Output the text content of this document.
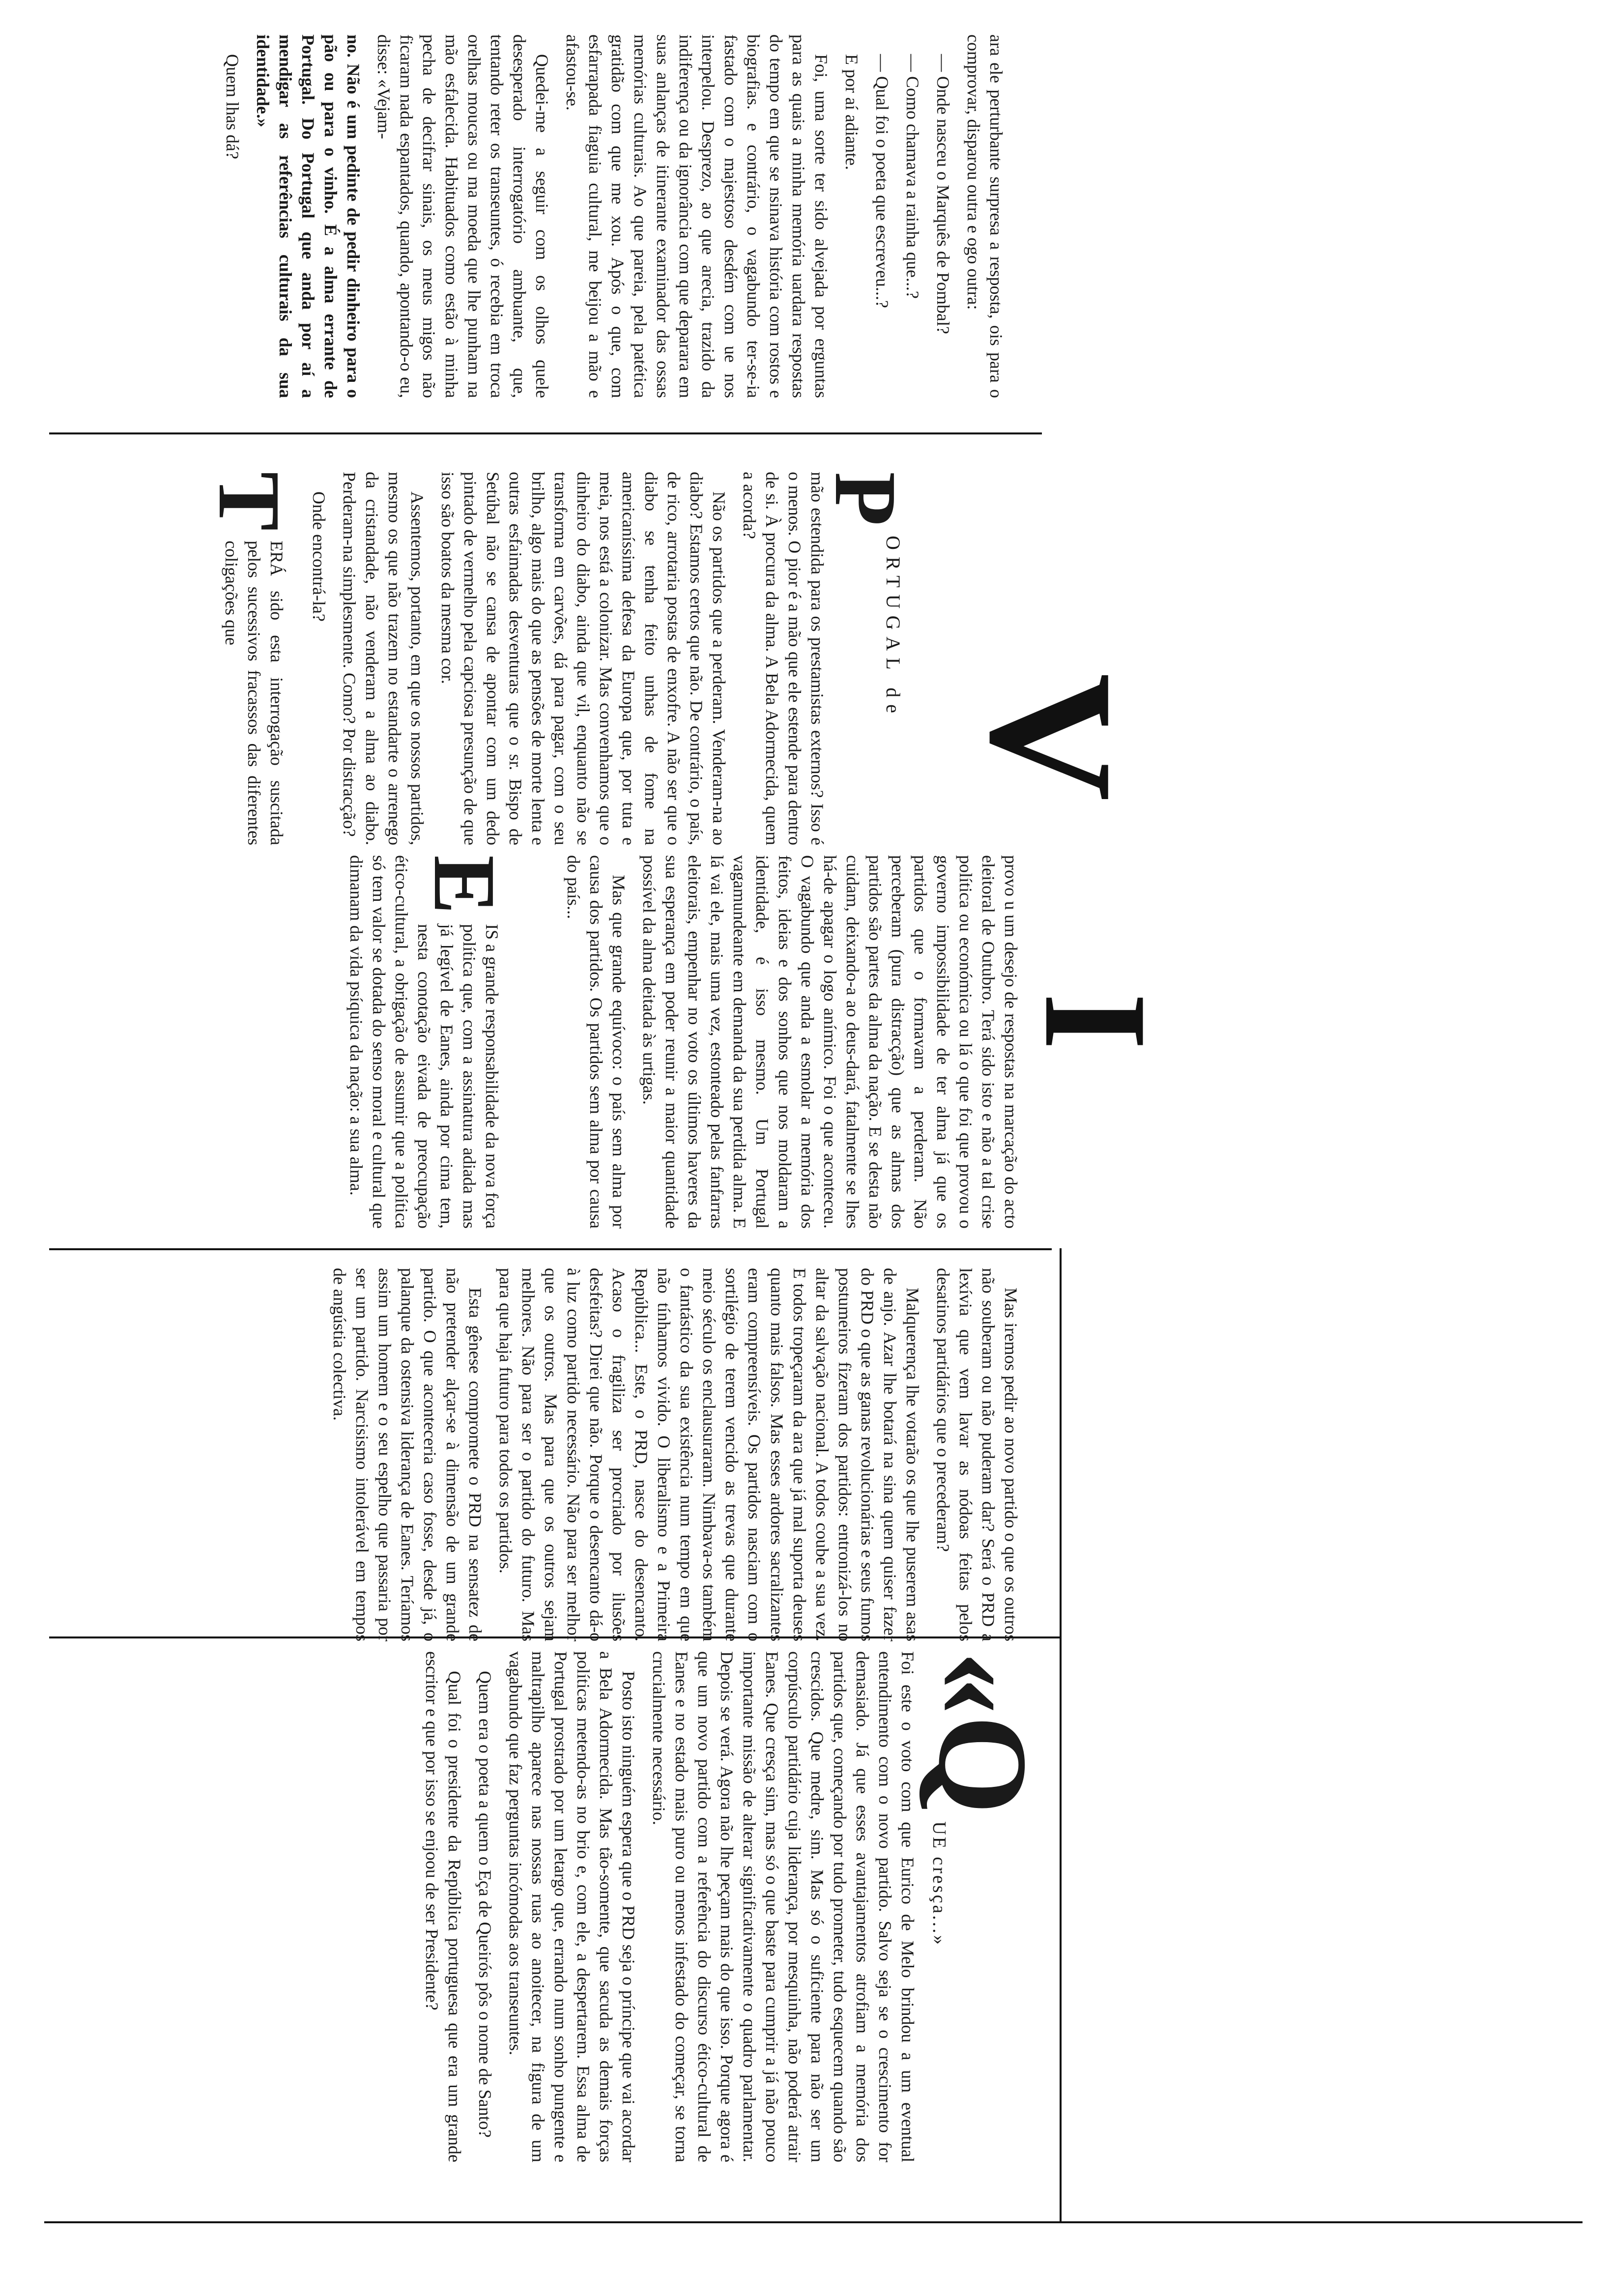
V
I

ara ele perturbante surpresa a resposta, ois para o comprovar, disparou outra e ogo outra:

— Onde nasceu o Marquês de Pombal?

— Como chamava a rainha que...?

— Qual foi o poeta que escreveu...?

E por aí adiante.

Foi, uma sorte ter sido alvejada por erguntas para as quais a minha memória uardara respostas do tempo em que se nsinava história com rostos e biografias. e contrário, o vagabundo ter-se-ia fastado com o majestoso desdém com ue nos interpelou. Desprezo, ao que arecia, trazido da indiferença ou da ignorância com que deparara em suas anlanças de itinerante examinador das ossas memórias culturais. Ao que pareia, pela patética gratidão com que me xou. Após o que, com esfarrapada fiaguia cultural, me beijou a mão e afastou-se.

Quedei-me a seguir com os olhos quele desesperado interrogatório ambuante, que, tentando reter os transeuntes, ó recebia em troca orelhas moucas ou ma moeda que lhe punham na mão esfalecida. Habituados como estão à minha pecha de decifrar sinais, os meus migos não ficaram nada espantados, quando, apontando-o eu, disse: «Vejam-

no. Não é um pedinte de pedir dinheiro para o pão ou para o vinho. É a alma errante de Portugal. Do Portugal que anda por aí a mendigar as referências culturais da sua identidade.»

Quem lhas dá?

P
ORTUGAL de

mão estendida para os prestamistas externos? Isso é o menos. O pior é a mão que ele estende para dentro de si. À procura da alma. A Bela Adormecida, quem a acorda?

Não os partidos que a perderam. Venderam-na ao diabo? Estamos certos que não. De contrário, o país, de rico, arrotaria postas de enxofre. A não ser que o diabo se tenha feito unhas de fome na americaníssima defesa da Europa que, por tuta e meia, nos está a colonizar. Mas convenhamos que o dinheiro do diabo, ainda que vil, enquanto não se transforma em carvões, dá para pagar, com o seu brilho, algo mais do que as pensões de morte lenta e outras esfaimadas desventuras que o sr. Bispo de Setúbal não se cansa de apontar com um dedo pintado de vermelho pela capciosa presunção de que isso são boatos da mesma cor.

Assentemos, portanto, em que os nossos partidos, mesmo os que não trazem no estandarte o arrenego da cristandade, não venderam a alma ao diabo. Perderam-na simplesmente. Como? Por distracção?

Onde encontrá-la?

T
ERÁ sido esta interrogação suscitada pelos sucessivos fracassos das diferentes coligações que

provo u um desejo de respostas na marcação do acto eleitoral de Outubro. Terá sido isto e não a tal crise política ou económica ou lá o que foi que provou o governo impossibilidade de ter alma já que os partidos que o formavam a perderam. Não perceberam (pura distracção) que as almas dos partidos são partes da alma da nação. E se desta não cuidam, deixando-a ao deus-dará, fatalmente se lhes há-de apagar o logo anímico. Foi o que aconteceu. O vagabundo que anda a esmolar a memória dos feitos, ideias e dos sonhos que nos moldaram a identidade, é isso mesmo. Um Portugal vagamundeante em demanda da sua perdida alma. E lá vai ele, mais uma vez, estonteado pelas fanfarras eleitorais, empenhar no voto os últimos haveres da sua esperança em poder reunir a maior quantidade possível da alma deitada às urtigas.

Mas que grande equívoco: o país sem alma por causa dos partidos. Os partidos sem alma por causa do país...

E
IS a grande responsabilidade da nova força política que, com a assinatura adiada mas já legível de Eanes, ainda por cima tem, nesta conotação eivada de preocupação ético-cultural, a obrigação de assumir que a política só tem valor se dotada do senso moral e cultural que dimanam da vida psíquica da nação: a sua alma.

Mas iremos pedir ao novo partido o que os outros não souberam ou não puderam dar? Será o PRD a lexívia que vem lavar as nódoas feitas pelos desatinos partidários que o precederam?

Malquerença lhe votarão os que lhe puserem asas de anjo. Azar lhe botará na sina quem quiser fazer do PRD o que as ganas revolucionárias e seus fumos postumeiros fizeram dos partidos: entronizá-los no altar da salvação nacional. A todos coube a sua vez. E todos tropeçaram da ara que já mal suporta deuses quanto mais falsos. Mas esses ardores sacralizantes eram compreensíveis. Os partidos nasciam com o sortilégio de terem vencido as trevas que durante meio século os enclausuraram. Nimbava-os também o fantástico da sua existência num tempo em que não tínhamos vivido. O liberalismo e a Primeira República... Este, o PRD, nasce do desencanto. Acaso o fragiliza ser procriado por ilusões desfeitas? Direi que não. Porque o desencanto dá-o à luz como partido necessário. Não para ser melhor que os outros. Mas para que os outros sejam melhores. Não para ser o partido do futuro. Mas para que haja futuro para todos os partidos.

Esta gênese compromete o PRD na sensatez de não pretender alçar-se à dimensão de um grande partido. O que aconteceria caso fosse, desde já, o palanque da ostensiva liderança de Eanes. Teríamos assim um homem e o seu espelho que passaria por ser um partido. Narcisismo intolerável em tempos de angústia colectiva.

«Q
UE cresça...»

Foi este o voto com que Eurico de Melo brindou a um eventual entendimento com o novo partido. Salvo seja se o crescimento for demasiado. Já que esses avantajamentos atrofiam a memória dos partidos que, começando por tudo prometer, tudo esquecem quando são crescidos. Que medre, sim. Mas só o suficiente para não ser um corpúsculo partidário cuja liderança, por mesquinha, não poderá atrair Eanes. Que cresça sim, mas só o que baste para cumprir a já não pouco importante missão de alterar significativamente o quadro parlamentar. Depois se verá. Agora não lhe peçam mais do que isso. Porque agora é que um novo partido com a referência do discurso ético-cultural de Eanes e no estado mais puro ou menos infestado do começar, se torna crucialmente necessário.

Posto isto ninguém espera que o PRD seja o príncipe que vai acordar a Bela Adormecida. Mas tão-somente, que sacuda as demais forças políticas metendo-as no brio e, com ele, a despertarem. Essa alma de Portugal prostrado por um letargo que, errando num sonho pungente e maltrapilho aparece nas nossas ruas ao anoitecer, na figura de um vagabundo que faz perguntas incómodas aos transeuntes.

Quem era o poeta a quem o Eça de Queirós pôs o nome de Santo?

Qual foi o presidente da República portuguesa que era um grande escritor e que por isso se enjoou de ser Presidente?
